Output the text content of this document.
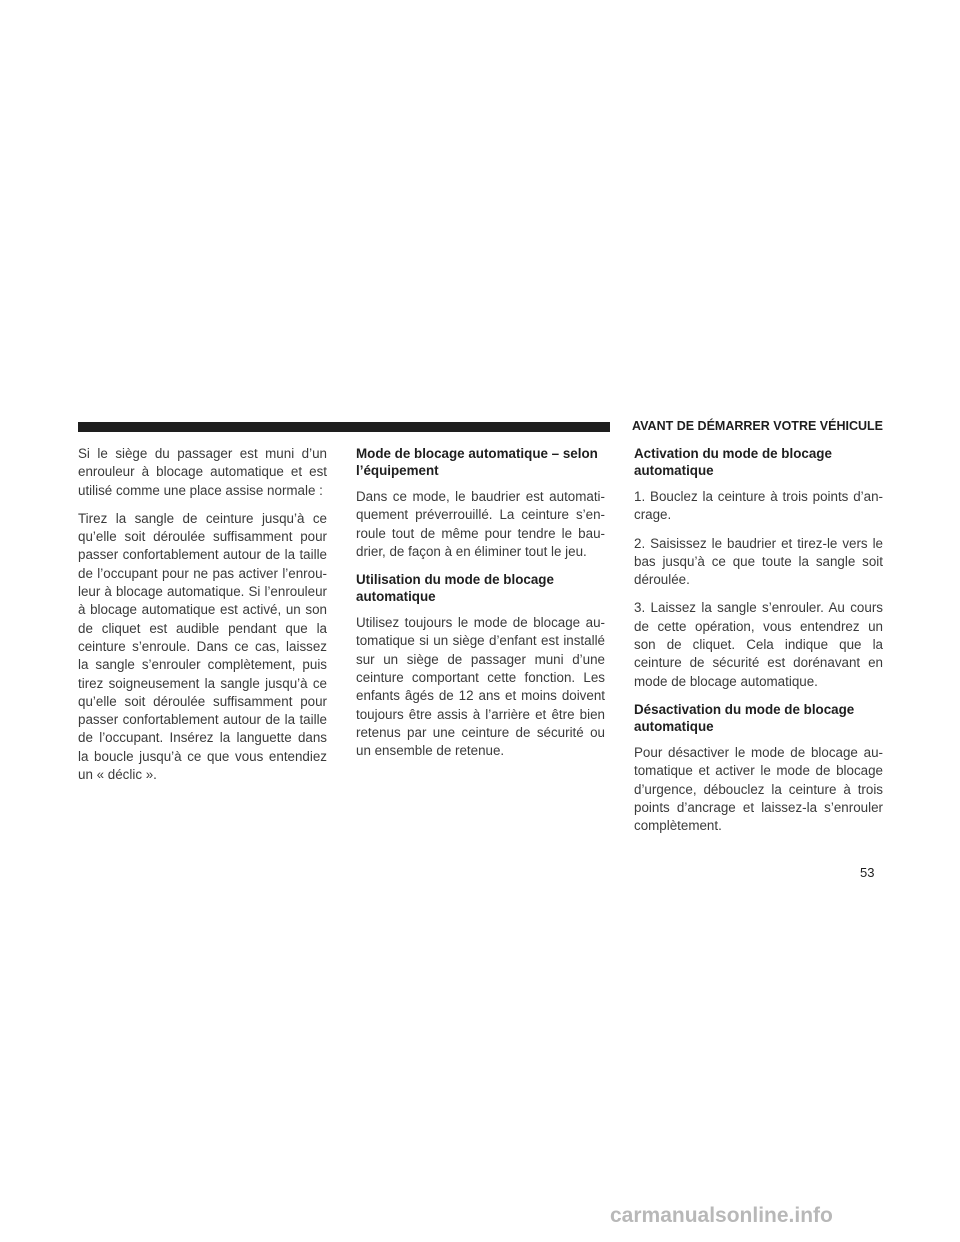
AVANT DE DÉMARRER VOTRE VÉHICULE

Si le siège du passager est muni d’un enrouleur à blocage automatique et est utilisé comme une place assise normale :

Tirez la sangle de ceinture jusqu’à ce qu’elle soit déroulée suffisamment pour passer confortablement autour de la taille de l’occupant pour ne pas activer l’enrouleur à blocage automatique. Si l’enrouleur à blocage automatique est activé, un son de cliquet est audible pendant que la ceinture s’enroule. Dans ce cas, laissez la sangle s’enrouler complètement, puis tirez soigneusement la sangle jusqu’à ce qu’elle soit déroulée suffisamment pour passer confortablement autour de la taille de l’occupant. Insérez la languette dans la boucle jusqu’à ce que vous entendiez un « déclic ».

Mode de blocage automatique – selon l’équipement

Dans ce mode, le baudrier est automatiquement préverrouillé. La ceinture s’enroule tout de même pour tendre le baudrier, de façon à en éliminer tout le jeu.

Utilisation du mode de blocage automatique

Utilisez toujours le mode de blocage automatique si un siège d’enfant est installé sur un siège de passager muni d’une ceinture comportant cette fonction. Les enfants âgés de 12 ans et moins doivent toujours être assis à l’arrière et être bien retenus par une ceinture de sécurité ou un ensemble de retenue.

Activation du mode de blocage automatique

1. Bouclez la ceinture à trois points d’ancrage.

2. Saisissez le baudrier et tirez-le vers le bas jusqu’à ce que toute la sangle soit déroulée.

3. Laissez la sangle s’enrouler. Au cours de cette opération, vous entendrez un son de cliquet. Cela indique que la ceinture de sécurité est dorénavant en mode de blocage automatique.

Désactivation du mode de blocage automatique

Pour désactiver le mode de blocage automatique et activer le mode de blocage d’urgence, débouclez la ceinture à trois points d’ancrage et laissez-la s’enrouler complètement.

53
carmanualsonline.info
